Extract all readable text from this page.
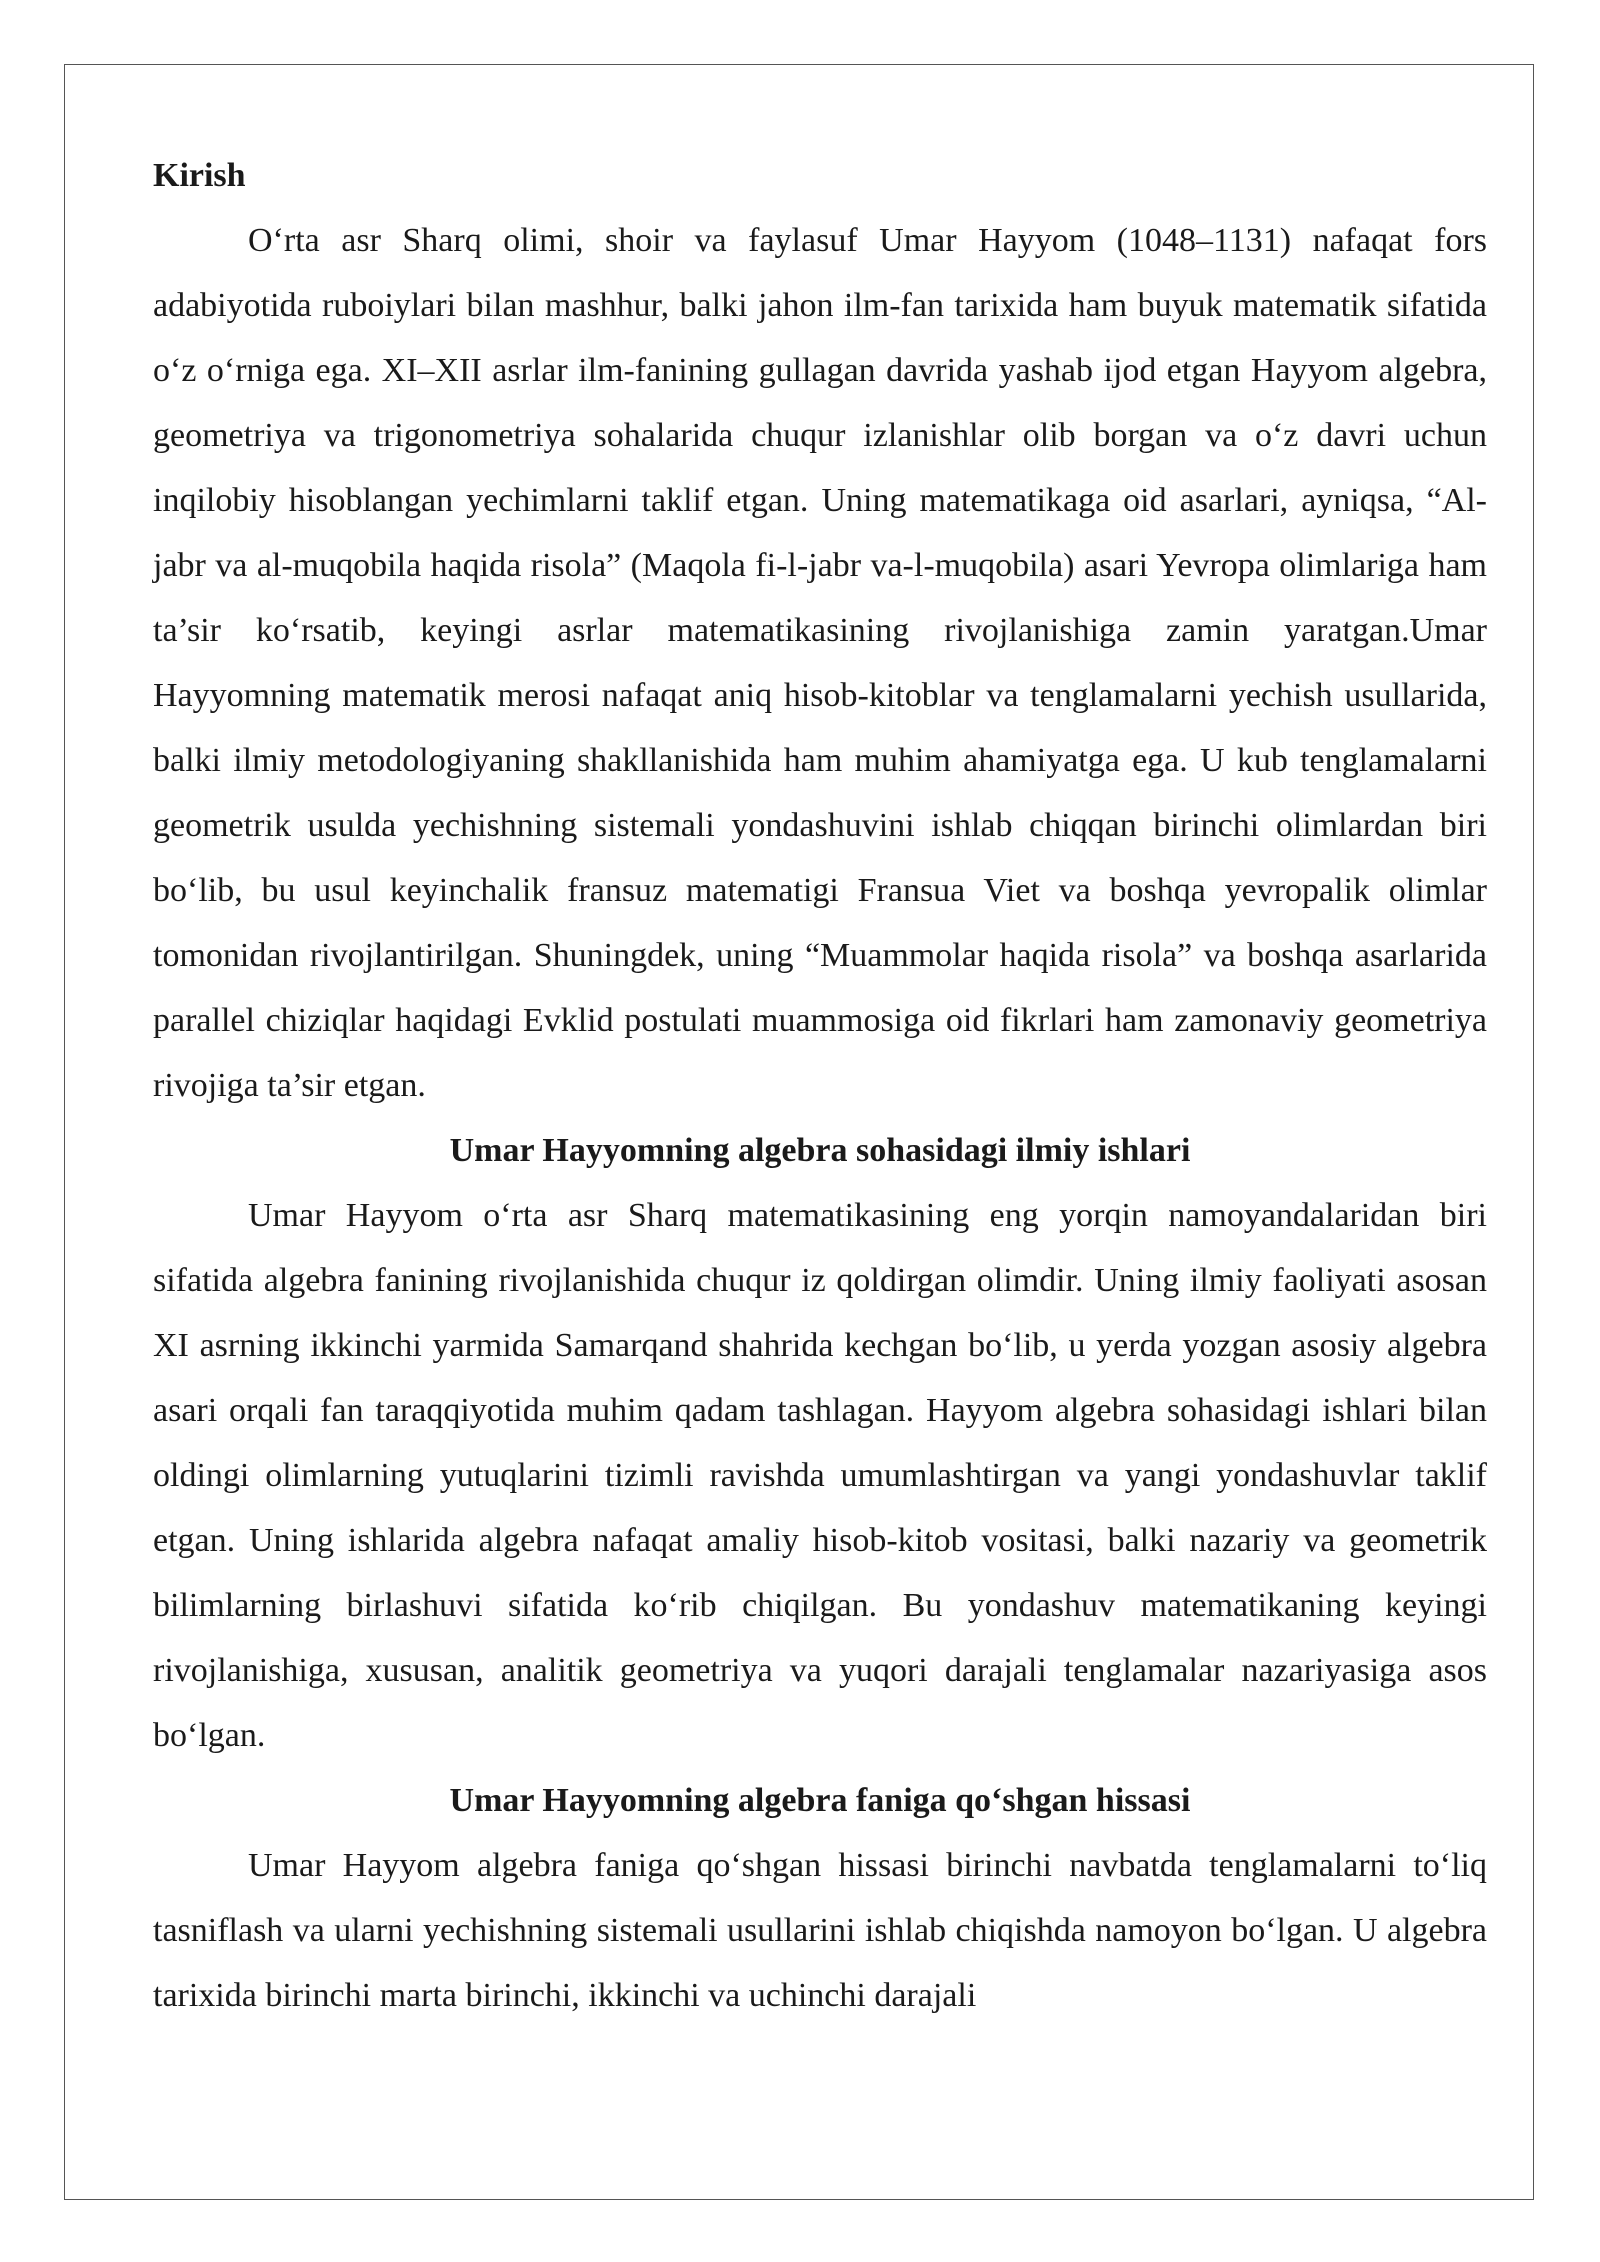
Kirish

O‘rta asr Sharq olimi, shoir va faylasuf Umar Hayyom (1048–1131) nafaqat fors adabiyotida ruboiylari bilan mashhur, balki jahon ilm-fan tarixida ham buyuk matematik sifatida o‘z o‘rniga ega. XI–XII asrlar ilm-fanining gullagan davrida yashab ijod etgan Hayyom algebra, geometriya va trigonometriya sohalarida chuqur izlanishlar olib borgan va o‘z davri uchun inqilobiy hisoblangan yechimlarni taklif etgan. Uning matematikaga oid asarlari, ayniqsa, “Al-jabr va al-muqobila haqida risola” (Maqola fi-l-jabr va-l-muqobila) asari Yevropa olimlariga ham ta’sir ko‘rsatib, keyingi asrlar matematikasining rivojlanishiga zamin yaratgan.Umar Hayyomning matematik merosi nafaqat aniq hisob-kitoblar va tenglamalarni yechish usullarida, balki ilmiy metodologiyaning shakllanishida ham muhim ahamiyatga ega. U kub tenglamalarni geometrik usulda yechishning sistemali yondashuvini ishlab chiqqan birinchi olimlardan biri bo‘lib, bu usul keyinchalik fransuz matematigi Fransua Viet va boshqa yevropalik olimlar tomonidan rivojlantirilgan. Shuningdek, uning “Muammolar haqida risola” va boshqa asarlarida parallel chiziqlar haqidagi Evklid postulati muammosiga oid fikrlari ham zamonaviy geometriya rivojiga ta’sir etgan.

Umar Hayyomning algebra sohasidagi ilmiy ishlari

Umar Hayyom o‘rta asr Sharq matematikasining eng yorqin namoyandalaridan biri sifatida algebra fanining rivojlanishida chuqur iz qoldirgan olimdir. Uning ilmiy faoliyati asosan XI asrning ikkinchi yarmida Samarqand shahrida kechgan bo‘lib, u yerda yozgan asosiy algebra asari orqali fan taraqqiyotida muhim qadam tashlagan. Hayyom algebra sohasidagi ishlari bilan oldingi olimlarning yutuqlarini tizimli ravishda umumlashtirgan va yangi yondashuvlar taklif etgan. Uning ishlarida algebra nafaqat amaliy hisob-kitob vositasi, balki nazariy va geometrik bilimlarning birlashuvi sifatida ko‘rib chiqilgan. Bu yondashuv matematikaning keyingi rivojlanishiga, xususan, analitik geometriya va yuqori darajali tenglamalar nazariyasiga asos bo‘lgan.

Umar Hayyomning algebra faniga qo‘shgan hissasi

Umar Hayyom algebra faniga qo‘shgan hissasi birinchi navbatda tenglamalarni to‘liq tasniflash va ularni yechishning sistemali usullarini ishlab chiqishda namoyon bo‘lgan. U algebra tarixida birinchi marta birinchi, ikkinchi va uchinchi darajali
